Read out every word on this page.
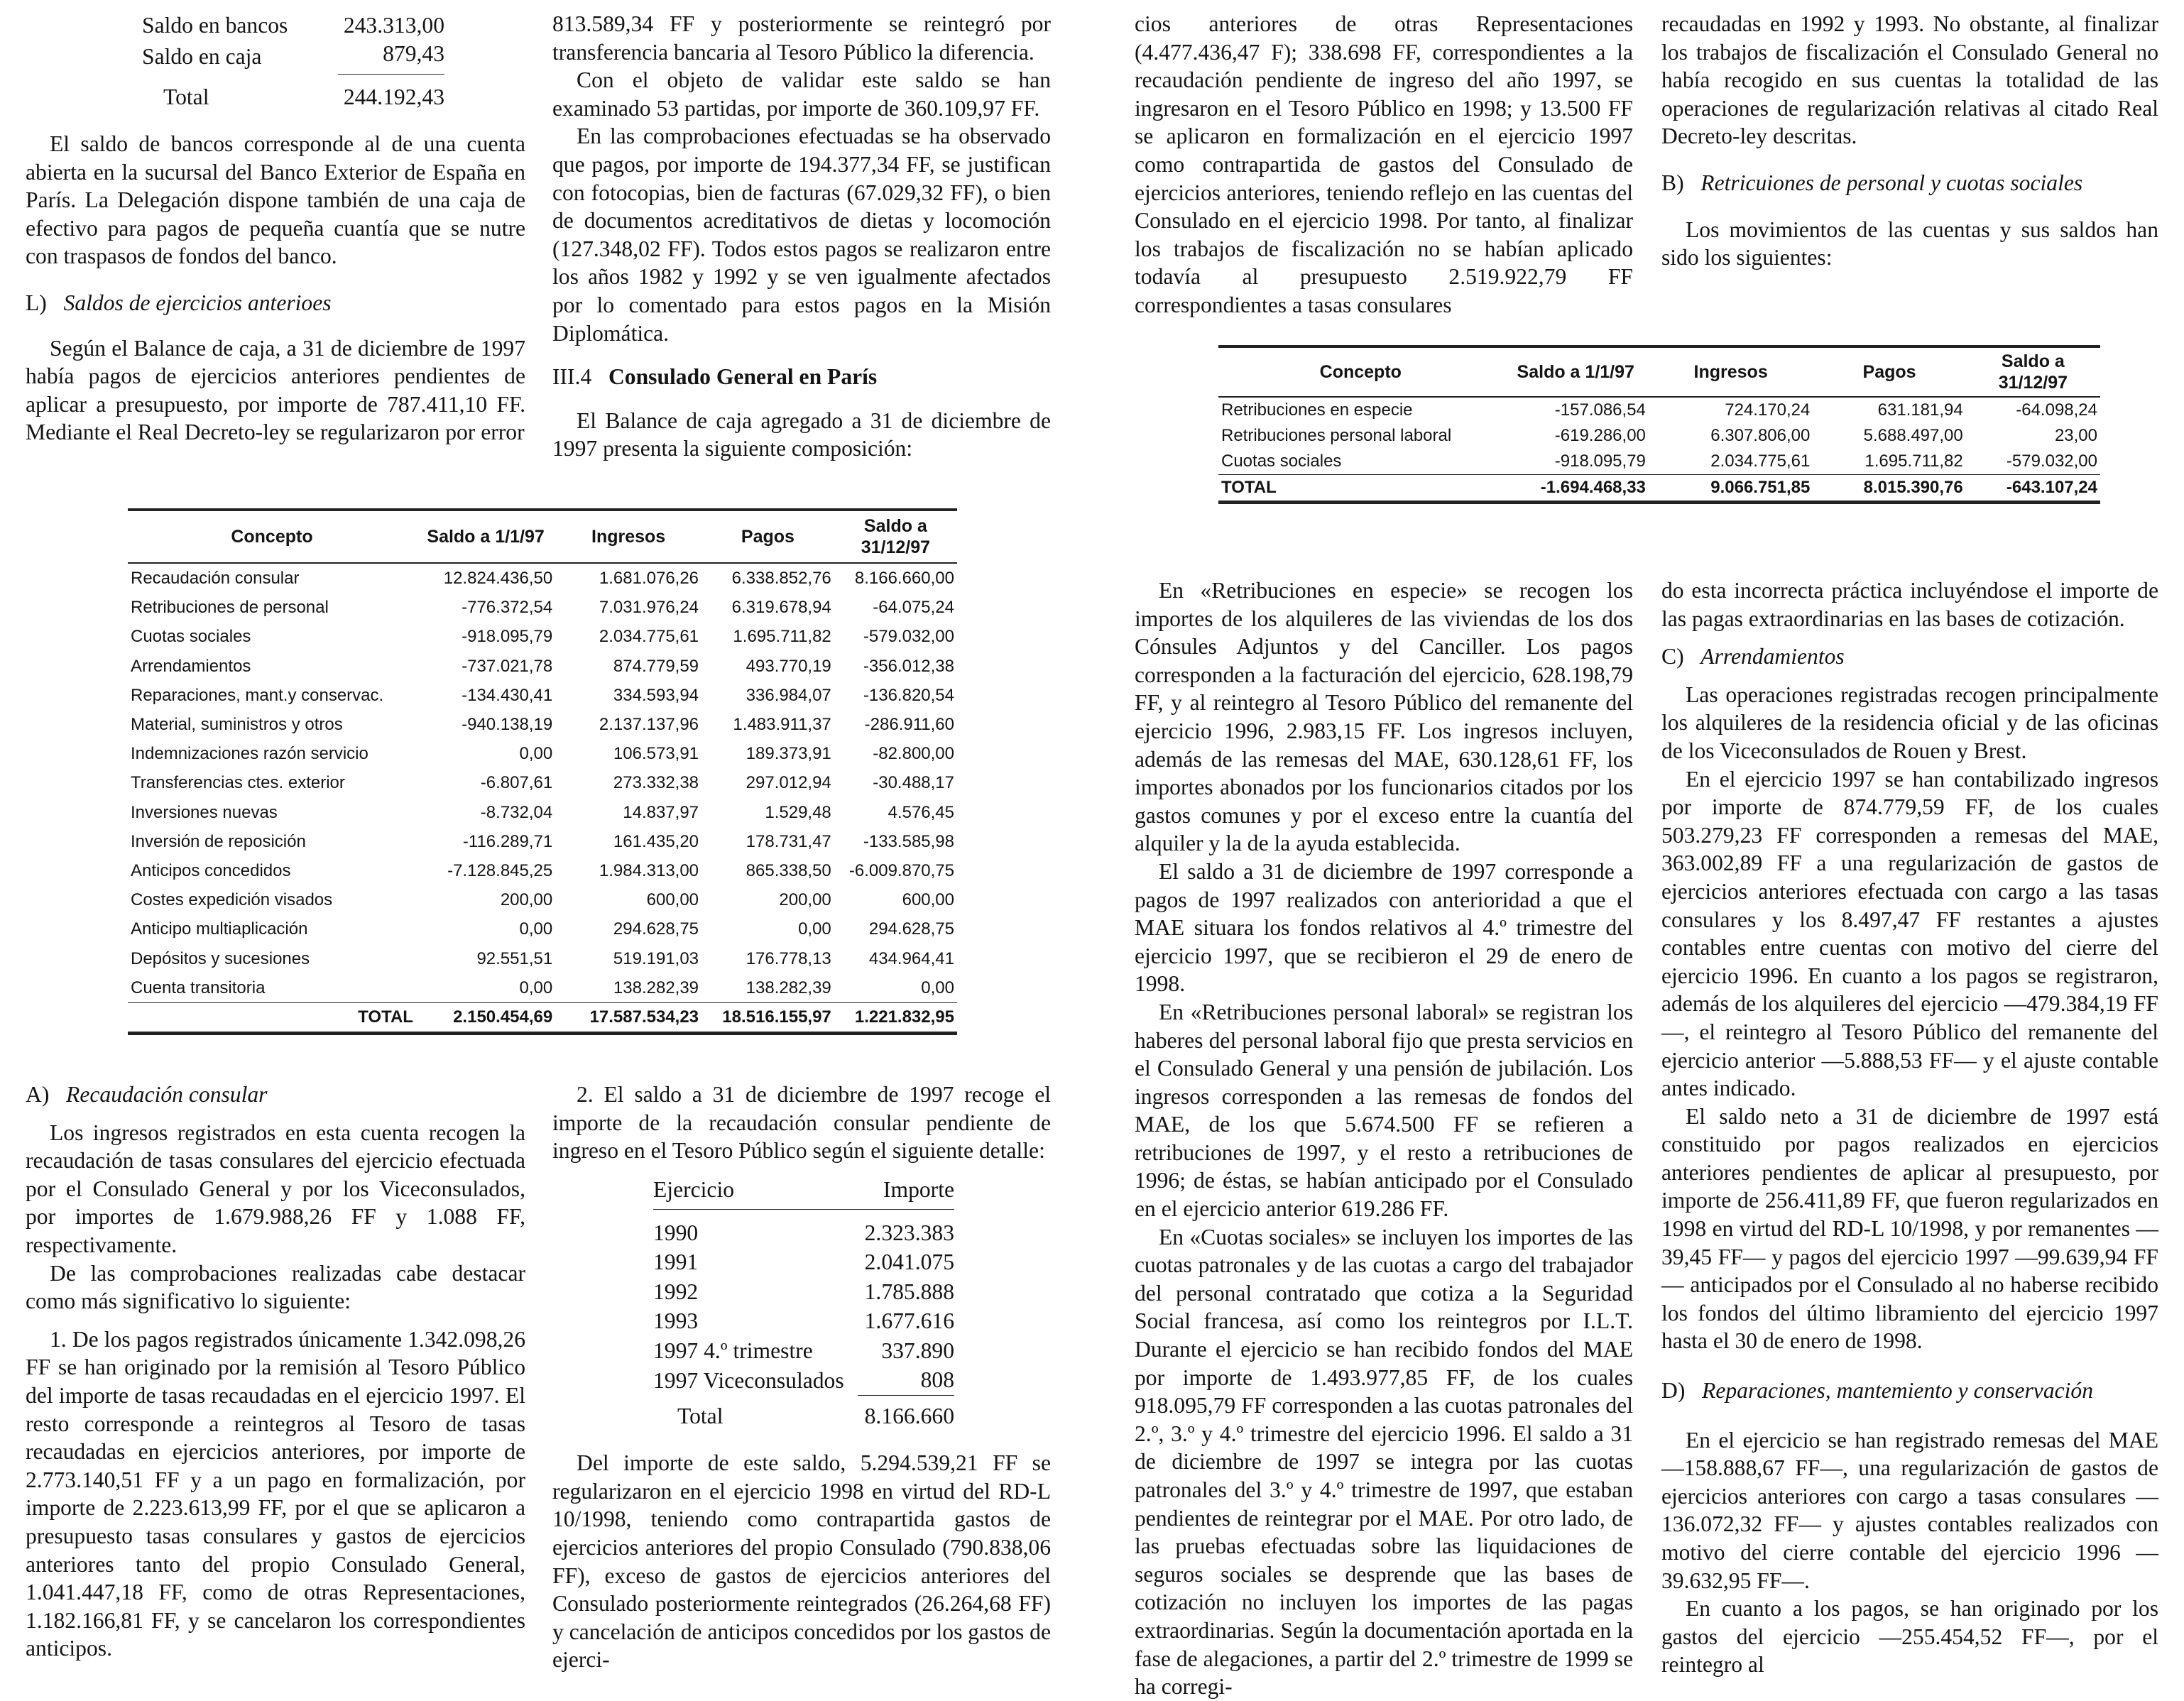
Saldo en bancos	243.313,00
Saldo en caja	879,43
Total	244.192,43

El saldo de bancos corresponde al de una cuenta abierta en la sucursal del Banco Exterior de España en París. La Delegación dispone también de una caja de efectivo para pagos de pequeña cuantía que se nutre con traspasos de fondos del banco.

L) Saldos de ejercicios anterioes

Según el Balance de caja, a 31 de diciembre de 1997 había pagos de ejercicios anteriores pendientes de aplicar a presupuesto, por importe de 787.411,10 FF. Mediante el Real Decreto-ley se regularizaron por error

813.589,34 FF y posteriormente se reintegró por transferencia bancaria al Tesoro Público la diferencia.

Con el objeto de validar este saldo se han examinado 53 partidas, por importe de 360.109,97 FF.

En las comprobaciones efectuadas se ha observado que pagos, por importe de 194.377,34 FF, se justifican con fotocopias, bien de facturas (67.029,32 FF), o bien de documentos acreditativos de dietas y locomoción (127.348,02 FF). Todos estos pagos se realizaron entre los años 1982 y 1992 y se ven igualmente afectados por lo comentado para estos pagos en la Misión Diplomática.

III.4 Consulado General en París

El Balance de caja agregado a 31 de diciembre de 1997 presenta la siguiente composición:

Concepto	Saldo a 1/1/97	Ingresos	Pagos	Saldo a 31/12/97
Recaudación consular	12.824.436,50	1.681.076,26	6.338.852,76	8.166.660,00
Retribuciones de personal	-776.372,54	7.031.976,24	6.319.678,94	-64.075,24
Cuotas sociales	-918.095,79	2.034.775,61	1.695.711,82	-579.032,00
Arrendamientos	-737.021,78	874.779,59	493.770,19	-356.012,38
Reparaciones, mant.y conservac.	-134.430,41	334.593,94	336.984,07	-136.820,54
Material, suministros y otros	-940.138,19	2.137.137,96	1.483.911,37	-286.911,60
Indemnizaciones razón servicio	0,00	106.573,91	189.373,91	-82.800,00
Transferencias ctes. exterior	-6.807,61	273.332,38	297.012,94	-30.488,17
Inversiones nuevas	-8.732,04	14.837,97	1.529,48	4.576,45
Inversión de reposición	-116.289,71	161.435,20	178.731,47	-133.585,98
Anticipos concedidos	-7.128.845,25	1.984.313,00	865.338,50	-6.009.870,75
Costes expedición visados	200,00	600,00	200,00	600,00
Anticipo multiaplicación	0,00	294.628,75	0,00	294.628,75
Depósitos y sucesiones	92.551,51	519.191,03	176.778,13	434.964,41
Cuenta transitoria	0,00	138.282,39	138.282,39	0,00
TOTAL	2.150.454,69	17.587.534,23	18.516.155,97	1.221.832,95

A) Recaudación consular

Los ingresos registrados en esta cuenta recogen la recaudación de tasas consulares del ejercicio efectuada por el Consulado General y por los Viceconsulados, por importes de 1.679.988,26 FF y 1.088 FF, respectivamente.

De las comprobaciones realizadas cabe destacar como más significativo lo siguiente:

1. De los pagos registrados únicamente 1.342.098,26 FF se han originado por la remisión al Tesoro Público del importe de tasas recaudadas en el ejercicio 1997. El resto corresponde a reintegros al Tesoro de tasas recaudadas en ejercicios anteriores, por importe de 2.773.140,51 FF y a un pago en formalización, por importe de 2.223.613,99 FF, por el que se aplicaron a presupuesto tasas consulares y gastos de ejercicios anteriores tanto del propio Consulado General, 1.041.447,18 FF, como de otras Representaciones, 1.182.166,81 FF, y se cancelaron los correspondientes anticipos.

2. El saldo a 31 de diciembre de 1997 recoge el importe de la recaudación consular pendiente de ingreso en el Tesoro Público según el siguiente detalle:

Ejercicio	Importe
1990	2.323.383
1991	2.041.075
1992	1.785.888
1993	1.677.616
1997 4.º trimestre	337.890
1997 Viceconsulados	808
Total	8.166.660

Del importe de este saldo, 5.294.539,21 FF se regularizaron en el ejercicio 1998 en virtud del RD-L 10/1998, teniendo como contrapartida gastos de ejercicios anteriores del propio Consulado (790.838,06 FF), exceso de gastos de ejercicios anteriores del Consulado posteriormente reintegrados (26.264,68 FF) y cancelación de anticipos concedidos por los gastos de ejerci-

cios anteriores de otras Representaciones (4.477.436,47 F); 338.698 FF, correspondientes a la recaudación pendiente de ingreso del año 1997, se ingresaron en el Tesoro Público en 1998; y 13.500 FF se aplicaron en formalización en el ejercicio 1997 como contrapartida de gastos del Consulado de ejercicios anteriores, teniendo reflejo en las cuentas del Consulado en el ejercicio 1998. Por tanto, al finalizar los trabajos de fiscalización no se habían aplicado todavía al presupuesto 2.519.922,79 FF correspondientes a tasas consulares

recaudadas en 1992 y 1993. No obstante, al finalizar los trabajos de fiscalización el Consulado General no había recogido en sus cuentas la totalidad de las operaciones de regularización relativas al citado Real Decreto-ley descritas.

B) Retricuiones de personal y cuotas sociales

Los movimientos de las cuentas y sus saldos han sido los siguientes:

Concepto	Saldo a 1/1/97	Ingresos	Pagos	Saldo a 31/12/97
Retribuciones en especie	-157.086,54	724.170,24	631.181,94	-64.098,24
Retribuciones personal laboral	-619.286,00	6.307.806,00	5.688.497,00	23,00
Cuotas sociales	-918.095,79	2.034.775,61	1.695.711,82	-579.032,00
TOTAL	-1.694.468,33	9.066.751,85	8.015.390,76	-643.107,24

En «Retribuciones en especie» se recogen los importes de los alquileres de las viviendas de los dos Cónsules Adjuntos y del Canciller. Los pagos corresponden a la facturación del ejercicio, 628.198,79 FF, y al reintegro al Tesoro Público del remanente del ejercicio 1996, 2.983,15 FF. Los ingresos incluyen, además de las remesas del MAE, 630.128,61 FF, los importes abonados por los funcionarios citados por los gastos comunes y por el exceso entre la cuantía del alquiler y la de la ayuda establecida.

El saldo a 31 de diciembre de 1997 corresponde a pagos de 1997 realizados con anterioridad a que el MAE situara los fondos relativos al 4.º trimestre del ejercicio 1997, que se recibieron el 29 de enero de 1998.

En «Retribuciones personal laboral» se registran los haberes del personal laboral fijo que presta servicios en el Consulado General y una pensión de jubilación. Los ingresos corresponden a las remesas de fondos del MAE, de los que 5.674.500 FF se refieren a retribuciones de 1997, y el resto a retribuciones de 1996; de éstas, se habían anticipado por el Consulado en el ejercicio anterior 619.286 FF.

En «Cuotas sociales» se incluyen los importes de las cuotas patronales y de las cuotas a cargo del trabajador del personal contratado que cotiza a la Seguridad Social francesa, así como los reintegros por I.L.T. Durante el ejercicio se han recibido fondos del MAE por importe de 1.493.977,85 FF, de los cuales 918.095,79 FF corresponden a las cuotas patronales del 2.º, 3.º y 4.º trimestre del ejercicio 1996. El saldo a 31 de diciembre de 1997 se integra por las cuotas patronales del 3.º y 4.º trimestre de 1997, que estaban pendientes de reintegrar por el MAE. Por otro lado, de las pruebas efectuadas sobre las liquidaciones de seguros sociales se desprende que las bases de cotización no incluyen los importes de las pagas extraordinarias. Según la documentación aportada en la fase de alegaciones, a partir del 2.º trimestre de 1999 se ha corregi-

do esta incorrecta práctica incluyéndose el importe de las pagas extraordinarias en las bases de cotización.

C) Arrendamientos

Las operaciones registradas recogen principalmente los alquileres de la residencia oficial y de las oficinas de los Viceconsulados de Rouen y Brest.

En el ejercicio 1997 se han contabilizado ingresos por importe de 874.779,59 FF, de los cuales 503.279,23 FF corresponden a remesas del MAE, 363.002,89 FF a una regularización de gastos de ejercicios anteriores efectuada con cargo a las tasas consulares y los 8.497,47 FF restantes a ajustes contables entre cuentas con motivo del cierre del ejercicio 1996. En cuanto a los pagos se registraron, además de los alquileres del ejercicio —479.384,19 FF—, el reintegro al Tesoro Público del remanente del ejercicio anterior —5.888,53 FF— y el ajuste contable antes indicado.

El saldo neto a 31 de diciembre de 1997 está constituido por pagos realizados en ejercicios anteriores pendientes de aplicar al presupuesto, por importe de 256.411,89 FF, que fueron regularizados en 1998 en virtud del RD-L 10/1998, y por remanentes —39,45 FF— y pagos del ejercicio 1997 —99.639,94 FF— anticipados por el Consulado al no haberse recibido los fondos del último libramiento del ejercicio 1997 hasta el 30 de enero de 1998.

D) Reparaciones, mantemiento y conservación

En el ejercicio se han registrado remesas del MAE —158.888,67 FF—, una regularización de gastos de ejercicios anteriores con cargo a tasas consulares —136.072,32 FF— y ajustes contables realizados con motivo del cierre contable del ejercicio 1996 —39.632,95 FF—.

En cuanto a los pagos, se han originado por los gastos del ejercicio —255.454,52 FF—, por el reintegro al
